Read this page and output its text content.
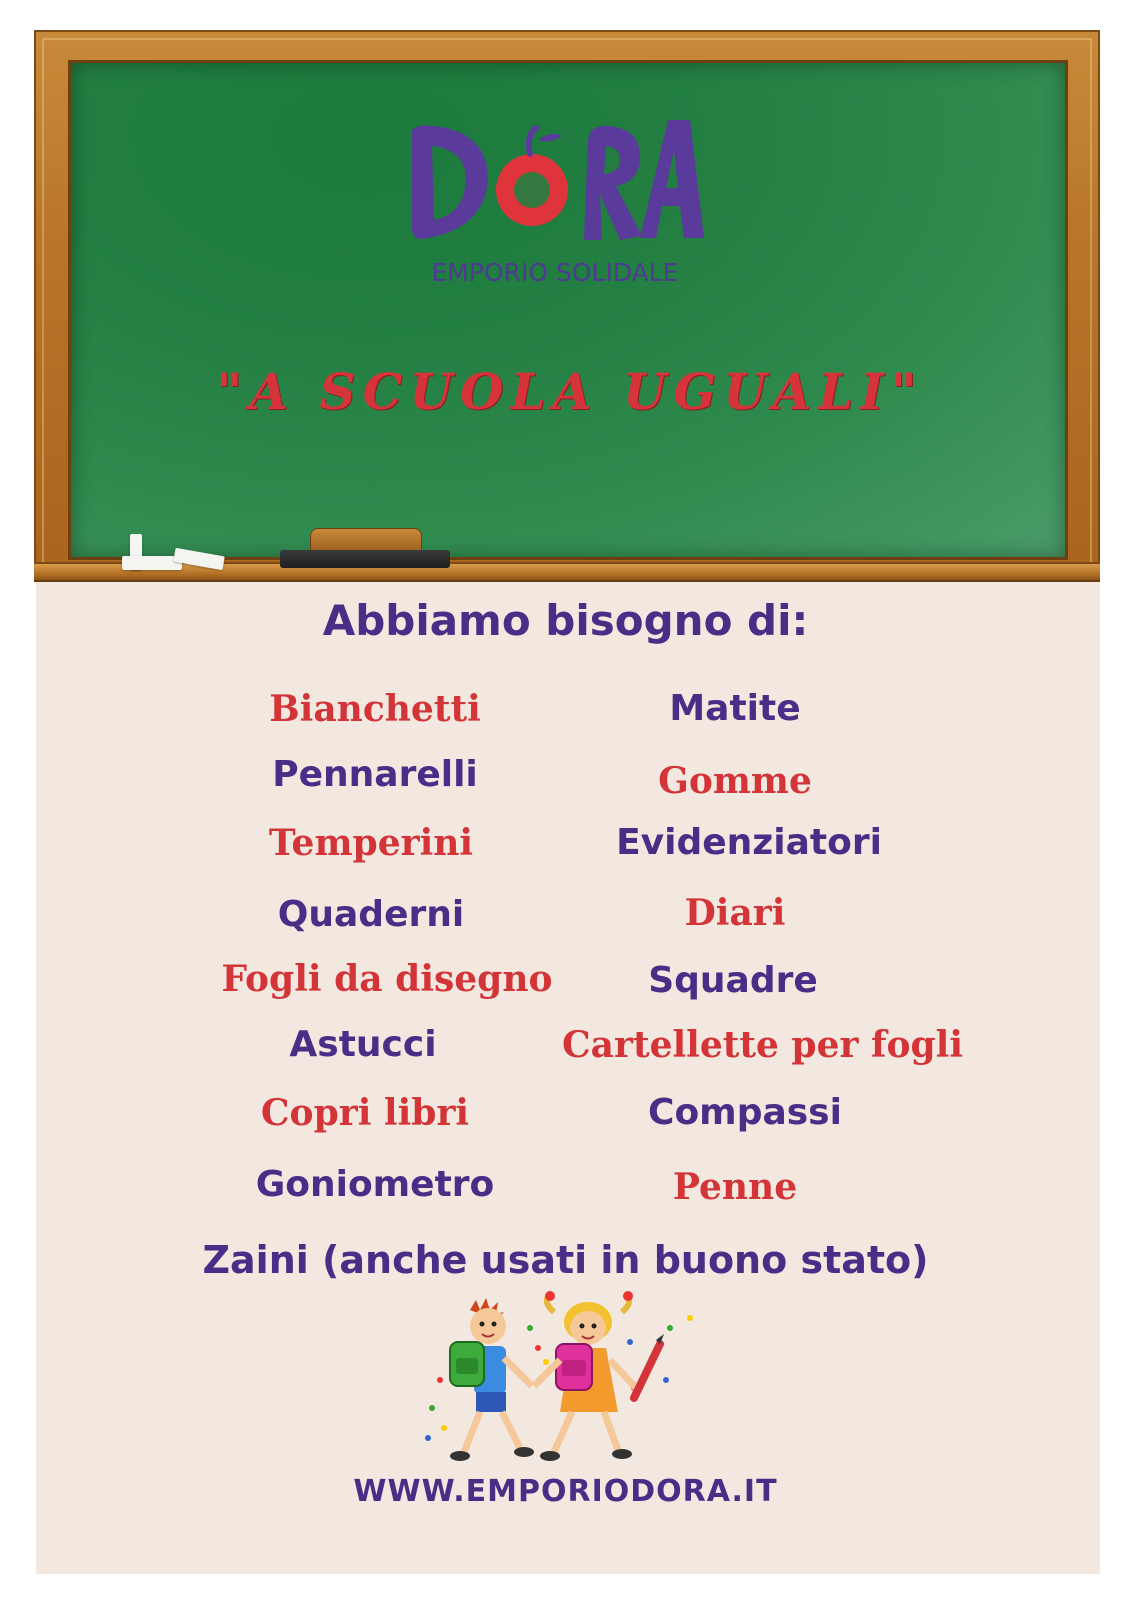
EMPORIO SOLIDALE
"A SCUOLA UGUALI"
Abbiamo bisogno di:
Bianchetti
Pennarelli
Temperini
Quaderni
Fogli da disegno
Astucci
Copri libri
Goniometro
Matite
Gomme
Evidenziatori
Diari
Squadre
Cartellette per fogli
Compassi
Penne
Zaini (anche usati in buono stato)
WWW.EMPORIODORA.IT
